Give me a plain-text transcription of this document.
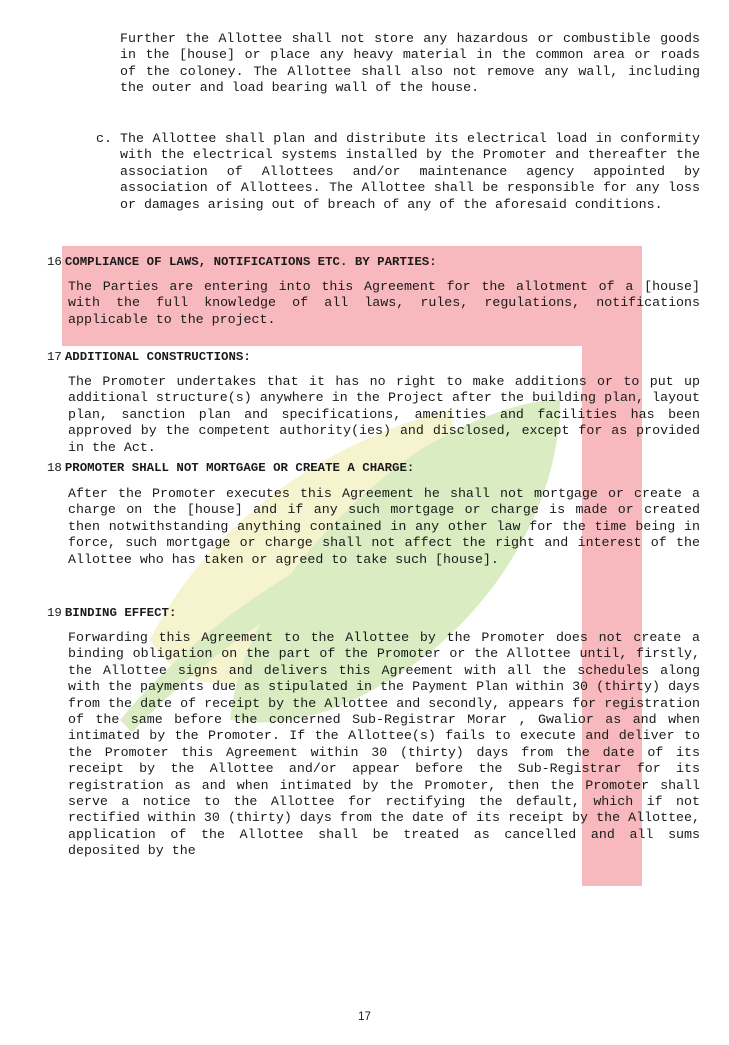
Further the Allottee shall not store any hazardous or combustible goods in the [house] or place any heavy material in the common area or roads of the coloney. The Allottee shall also not remove any wall, including the outer and load bearing wall of the house.

c. The Allottee shall plan and distribute its electrical load in conformity with the electrical systems installed by the Promoter and thereafter the association of Allottees and/or maintenance agency appointed by association of Allottees. The Allottee shall be responsible for any loss or damages arising out of breach of any of the aforesaid conditions.

16 COMPLIANCE OF LAWS, NOTIFICATIONS ETC. BY PARTIES:

The Parties are entering into this Agreement for the allotment of a [house] with the full knowledge of all laws, rules, regulations, notifications applicable to the project.

17 ADDITIONAL CONSTRUCTIONS:

The Promoter undertakes that it has no right to make additions or to put up additional structure(s) anywhere in the Project after the building plan, layout plan, sanction plan and specifications, amenities and facilities has been approved by the competent authority(ies) and disclosed, except for as provided in the Act.

18 PROMOTER SHALL NOT MORTGAGE OR CREATE A CHARGE:

After the Promoter executes this Agreement he shall not mortgage or create a charge on the [house] and if any such mortgage or charge is made or created then notwithstanding anything contained in any other law for the time being in force, such mortgage or charge shall not affect the right and interest of the Allottee who has taken or agreed to take such [house].

19 BINDING EFFECT:

Forwarding this Agreement to the Allottee by the Promoter does not create a binding obligation on the part of the Promoter or the Allottee until, firstly, the Allottee signs and delivers this Agreement with all the schedules along with the payments due as stipulated in the Payment Plan within 30 (thirty) days from the date of receipt by the Allottee and secondly, appears for registration of the same before the concerned Sub-Registrar Morar , Gwalior as and when intimated by the Promoter. If the Allottee(s) fails to execute and deliver to the Promoter this Agreement within 30 (thirty) days from the date of its receipt by the Allottee and/or appear before the Sub-Registrar for its registration as and when intimated by the Promoter, then the Promoter shall serve a notice to the Allottee for rectifying the default, which if not rectified within 30 (thirty) days from the date of its receipt by the Allottee, application of the Allottee shall be treated as cancelled and all sums deposited by the

17
